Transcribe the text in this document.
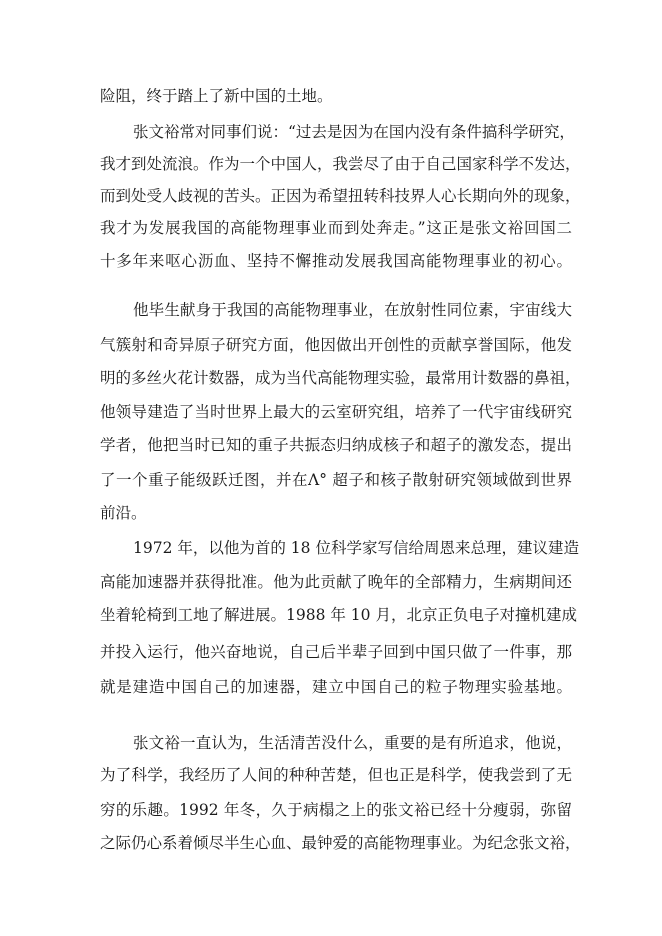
险阻，终于踏上了新中国的土地。
张文裕常对同事们说：“过去是因为在国内没有条件搞科学研究，
我才到处流浪。作为一个中国人，我尝尽了由于自己国家科学不发达，
而到处受人歧视的苦头。正因为希望扭转科技界人心长期向外的现象，
我才为发展我国的高能物理事业而到处奔走。”这正是张文裕回国二
十多年来呕心沥血、坚持不懈推动发展我国高能物理事业的初心。
他毕生献身于我国的高能物理事业，在放射性同位素，宇宙线大
气簇射和奇异原子研究方面，他因做出开创性的贡献享誉国际，他发
明的多丝火花计数器，成为当代高能物理实验，最常用计数器的鼻祖，
他领导建造了当时世界上最大的云室研究组，培养了一代宇宙线研究
学者，他把当时已知的重子共振态归纳成核子和超子的激发态，提出
了一个重子能级跃迁图，并在Λ° 超子和核子散射研究领域做到世界
前沿。
1972 年，以他为首的 18 位科学家写信给周恩来总理，建议建造
高能加速器并获得批准。他为此贡献了晚年的全部精力，生病期间还
坐着轮椅到工地了解进展。1988 年 10 月，北京正负电子对撞机建成
并投入运行，他兴奋地说，自己后半辈子回到中国只做了一件事，那
就是建造中国自己的加速器，建立中国自己的粒子物理实验基地。
张文裕一直认为，生活清苦没什么，重要的是有所追求，他说，
为了科学，我经历了人间的种种苦楚，但也正是科学，使我尝到了无
穷的乐趣。1992 年冬，久于病榻之上的张文裕已经十分瘦弱，弥留
之际仍心系着倾尽半生心血、最钟爱的高能物理事业。为纪念张文裕，
